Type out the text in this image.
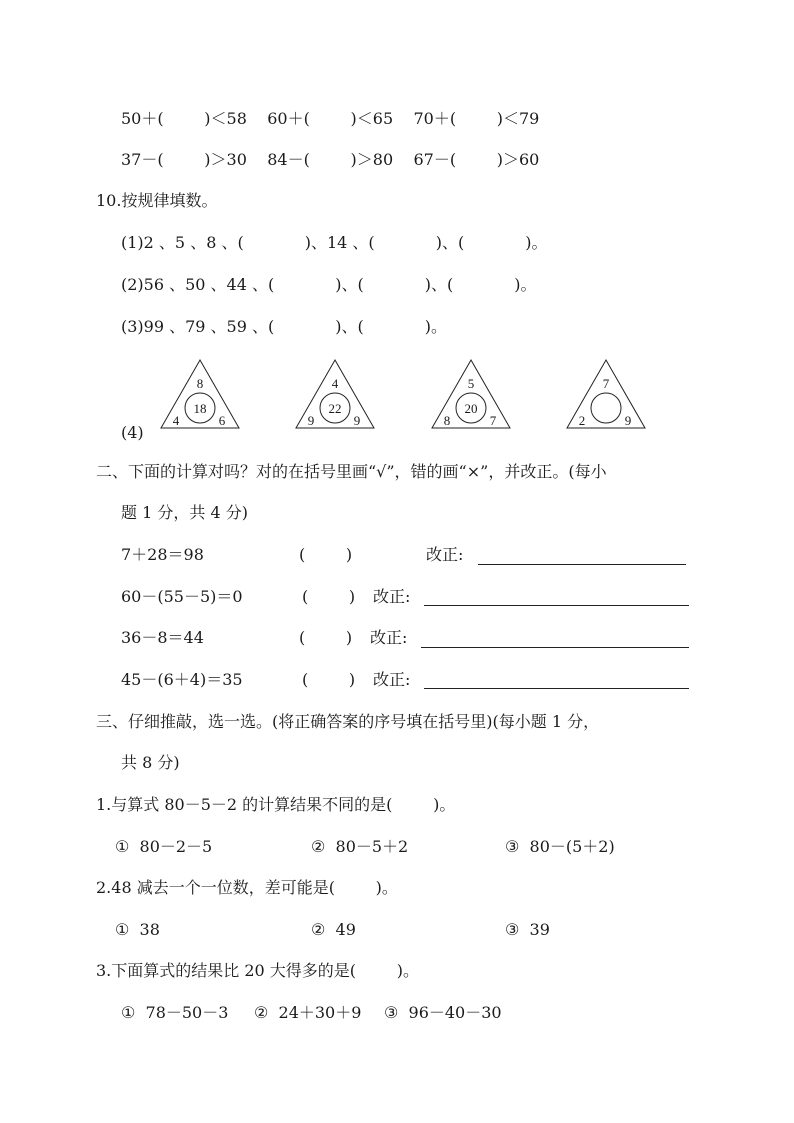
50＋(        )＜58    60＋(        )＜65    70＋(        )＜79
37－(        )＞30    84－(        )＞80    67－(        )＞60
10.按规律填数。
(1)2 、5 、8 、(            )、14 、(            )、(            )。
(2)56 、50 、44 、(            )、(            )、(            )。
(3)99 、79 、59 、(            )、(            )。
(4)
8
4	6
18
4
9	9
22
5
8	7
20
7
2	9
二、下面的计算对吗？对的在括号里画“√”，错的画“×”，并改正。(每小
题 1 分，共 4 分)
7＋28＝98	(        )	改正:
60－(55－5)＝0	(        ) 改正:
36－8＝44	(        ) 改正:
45－(6＋4)＝35	(        ) 改正:
三、仔细推敲，选一选。(将正确答案的序号填在括号里)(每小题 1 分，
共 8 分)
1.与算式 80－5－2 的计算结果不同的是(        )。
①  80－2－5	②  80－5＋2	③  80－(5＋2)
2.48 减去一个一位数，差可能是(        )。
①  38	②  49	③  39
3.下面算式的结果比 20 大得多的是(        )。
①  78－50－3 ②  24＋30＋9 ③  96－40－30
